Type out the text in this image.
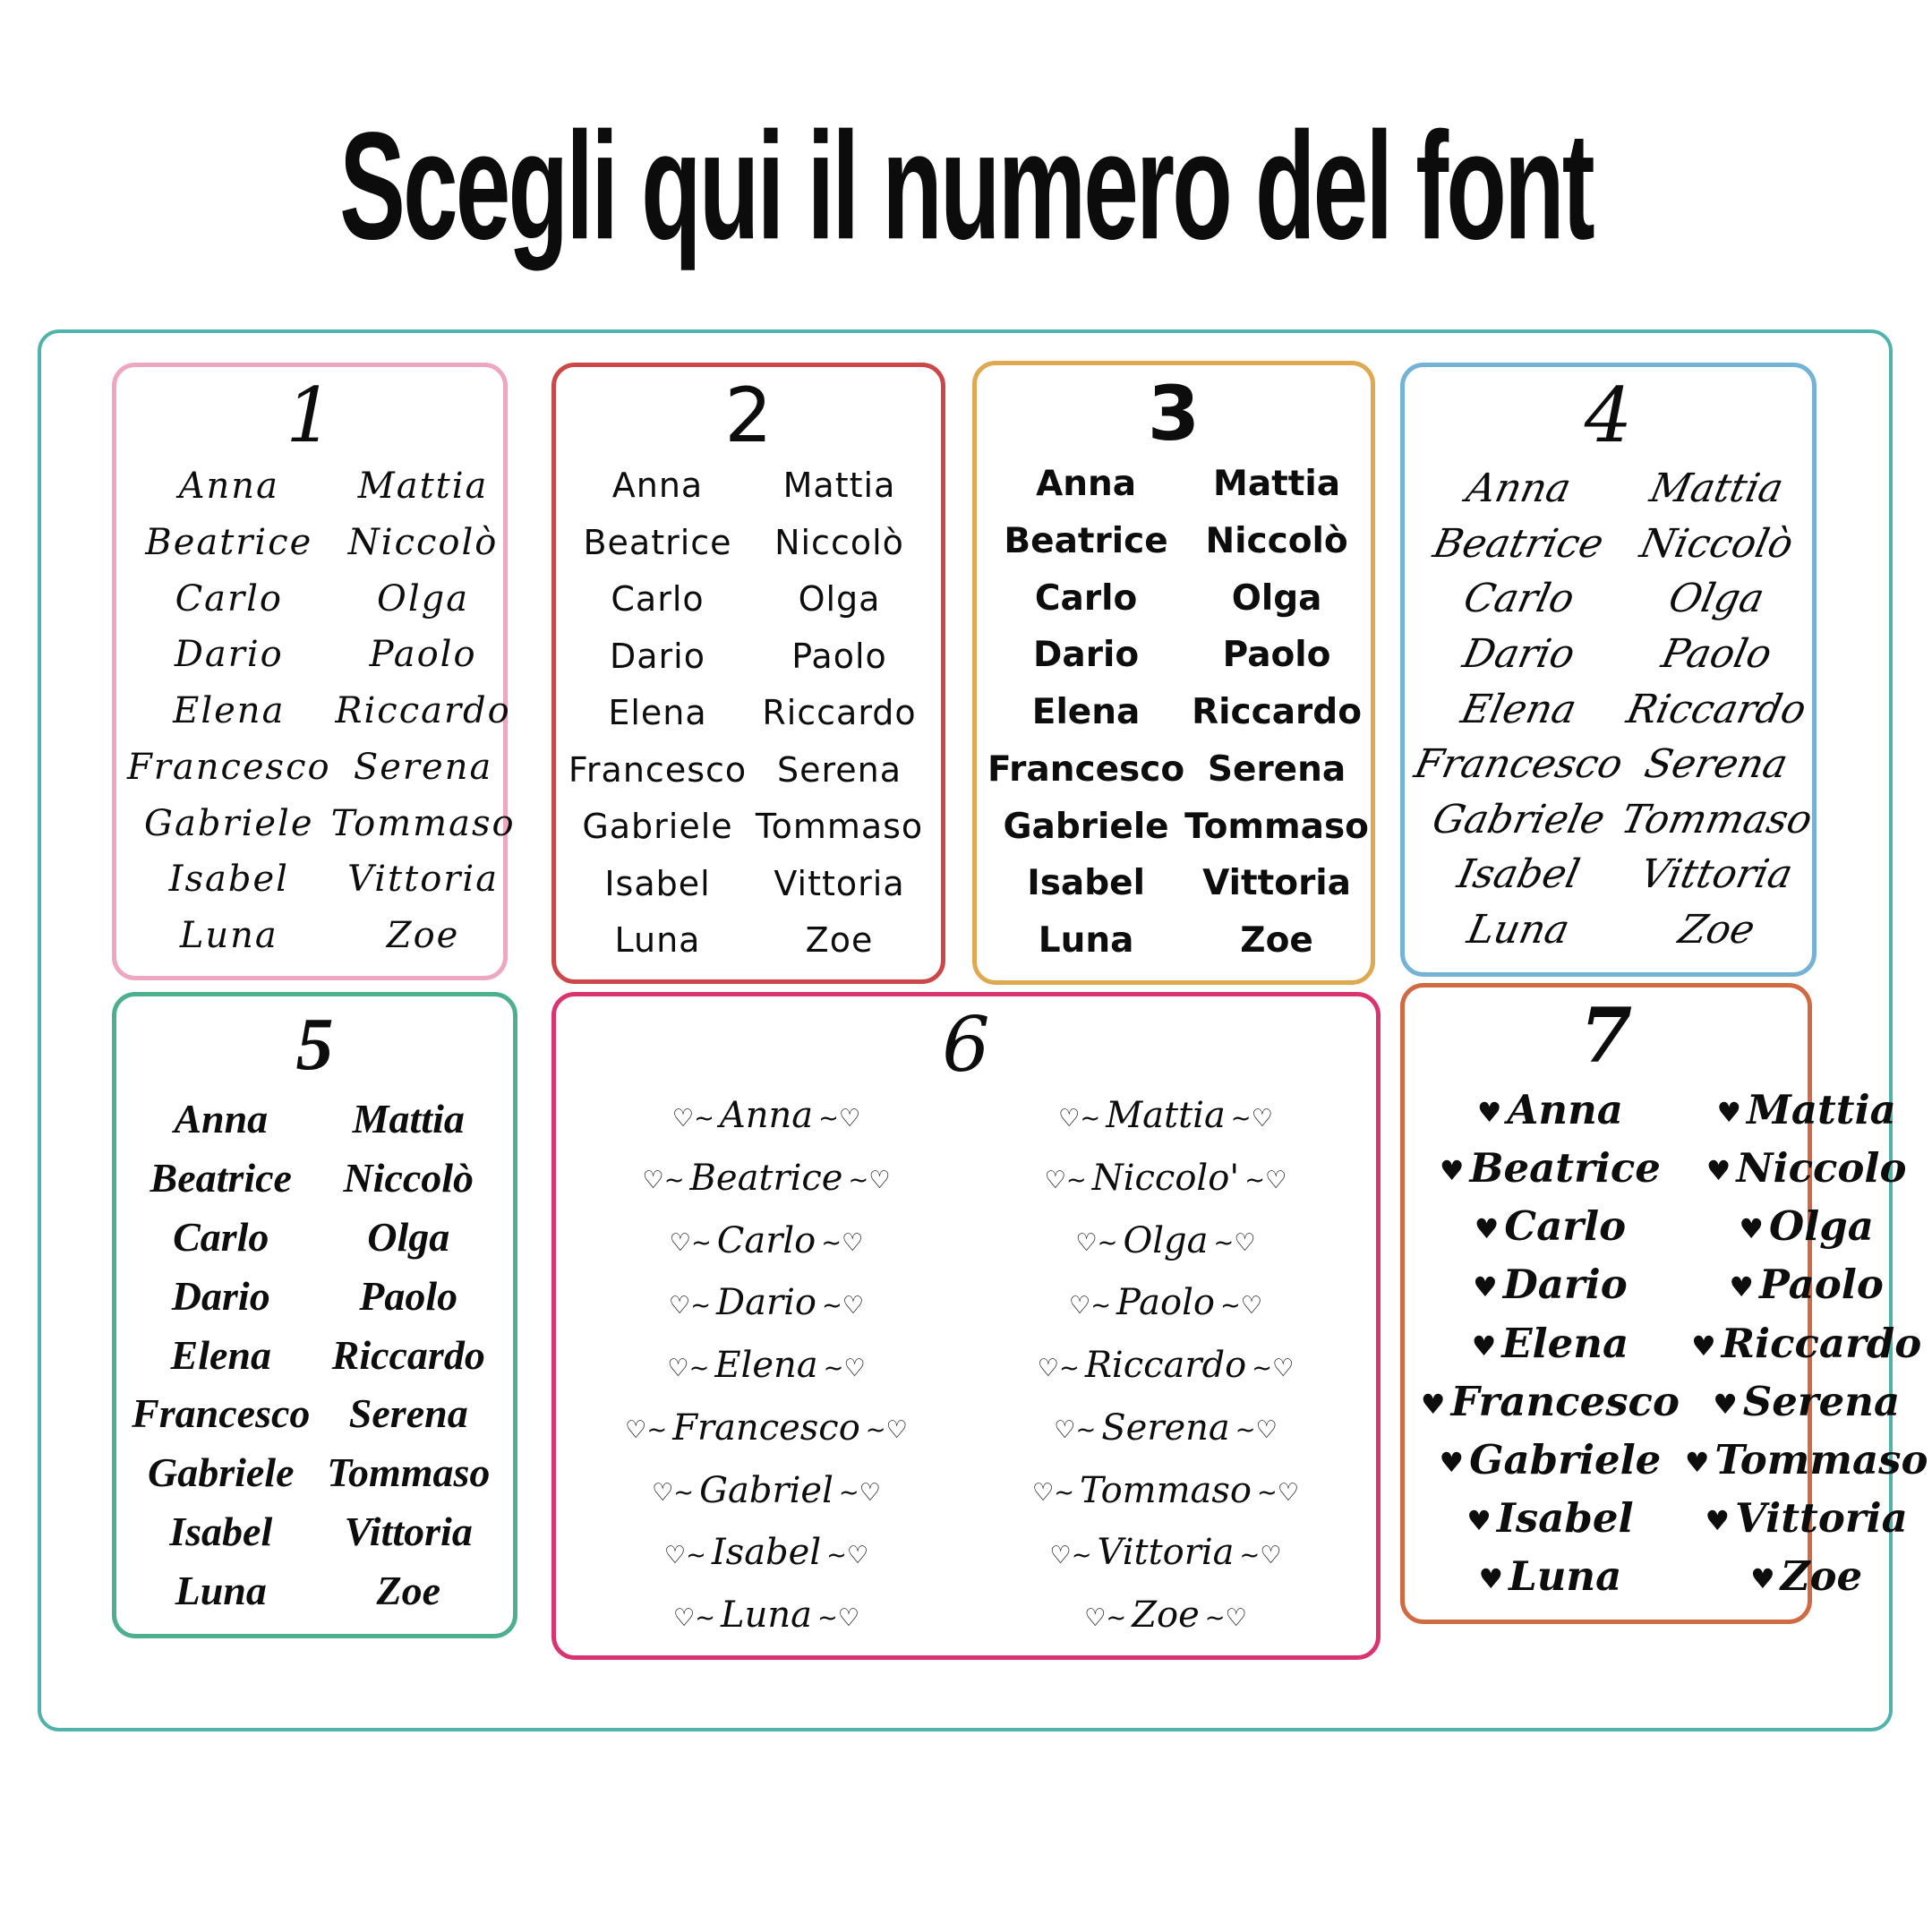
Scegli qui il numero del font
1
Anna
Beatrice
Carlo
Dario
Elena
Francesco
Gabriele
Isabel
Luna
Mattia
Niccolò
Olga
Paolo
Riccardo
Serena
Tommaso
Vittoria
Zoe
2
Anna
Beatrice
Carlo
Dario
Elena
Francesco
Gabriele
Isabel
Luna
Mattia
Niccolò
Olga
Paolo
Riccardo
Serena
Tommaso
Vittoria
Zoe
3
Anna
Beatrice
Carlo
Dario
Elena
Francesco
Gabriele
Isabel
Luna
Mattia
Niccolò
Olga
Paolo
Riccardo
Serena
Tommaso
Vittoria
Zoe
4
Anna
Beatrice
Carlo
Dario
Elena
Francesco
Gabriele
Isabel
Luna
Mattia
Niccolò
Olga
Paolo
Riccardo
Serena
Tommaso
Vittoria
Zoe
5
Anna
Beatrice
Carlo
Dario
Elena
Francesco
Gabriele
Isabel
Luna
Mattia
Niccolò
Olga
Paolo
Riccardo
Serena
Tommaso
Vittoria
Zoe
6
♡~ Anna ~♡
♡~ Beatrice ~♡
♡~ Carlo ~♡
♡~ Dario ~♡
♡~ Elena ~♡
♡~ Francesco ~♡
♡~ Gabriel ~♡
♡~ Isabel ~♡
♡~ Luna ~♡
♡~ Mattia ~♡
♡~ Niccolo' ~♡
♡~ Olga ~♡
♡~ Paolo ~♡
♡~ Riccardo ~♡
♡~ Serena ~♡
♡~ Tommaso ~♡
♡~ Vittoria ~♡
♡~ Zoe ~♡
7
♥ Anna
♥ Beatrice
♥ Carlo
♥ Dario
♥ Elena
♥ Francesco
♥ Gabriele
♥ Isabel
♥ Luna
♥ Mattia
♥ Niccolo
♥ Olga
♥ Paolo
♥ Riccardo
♥ Serena
♥ Tommaso
♥ Vittoria
♥ Zoe
